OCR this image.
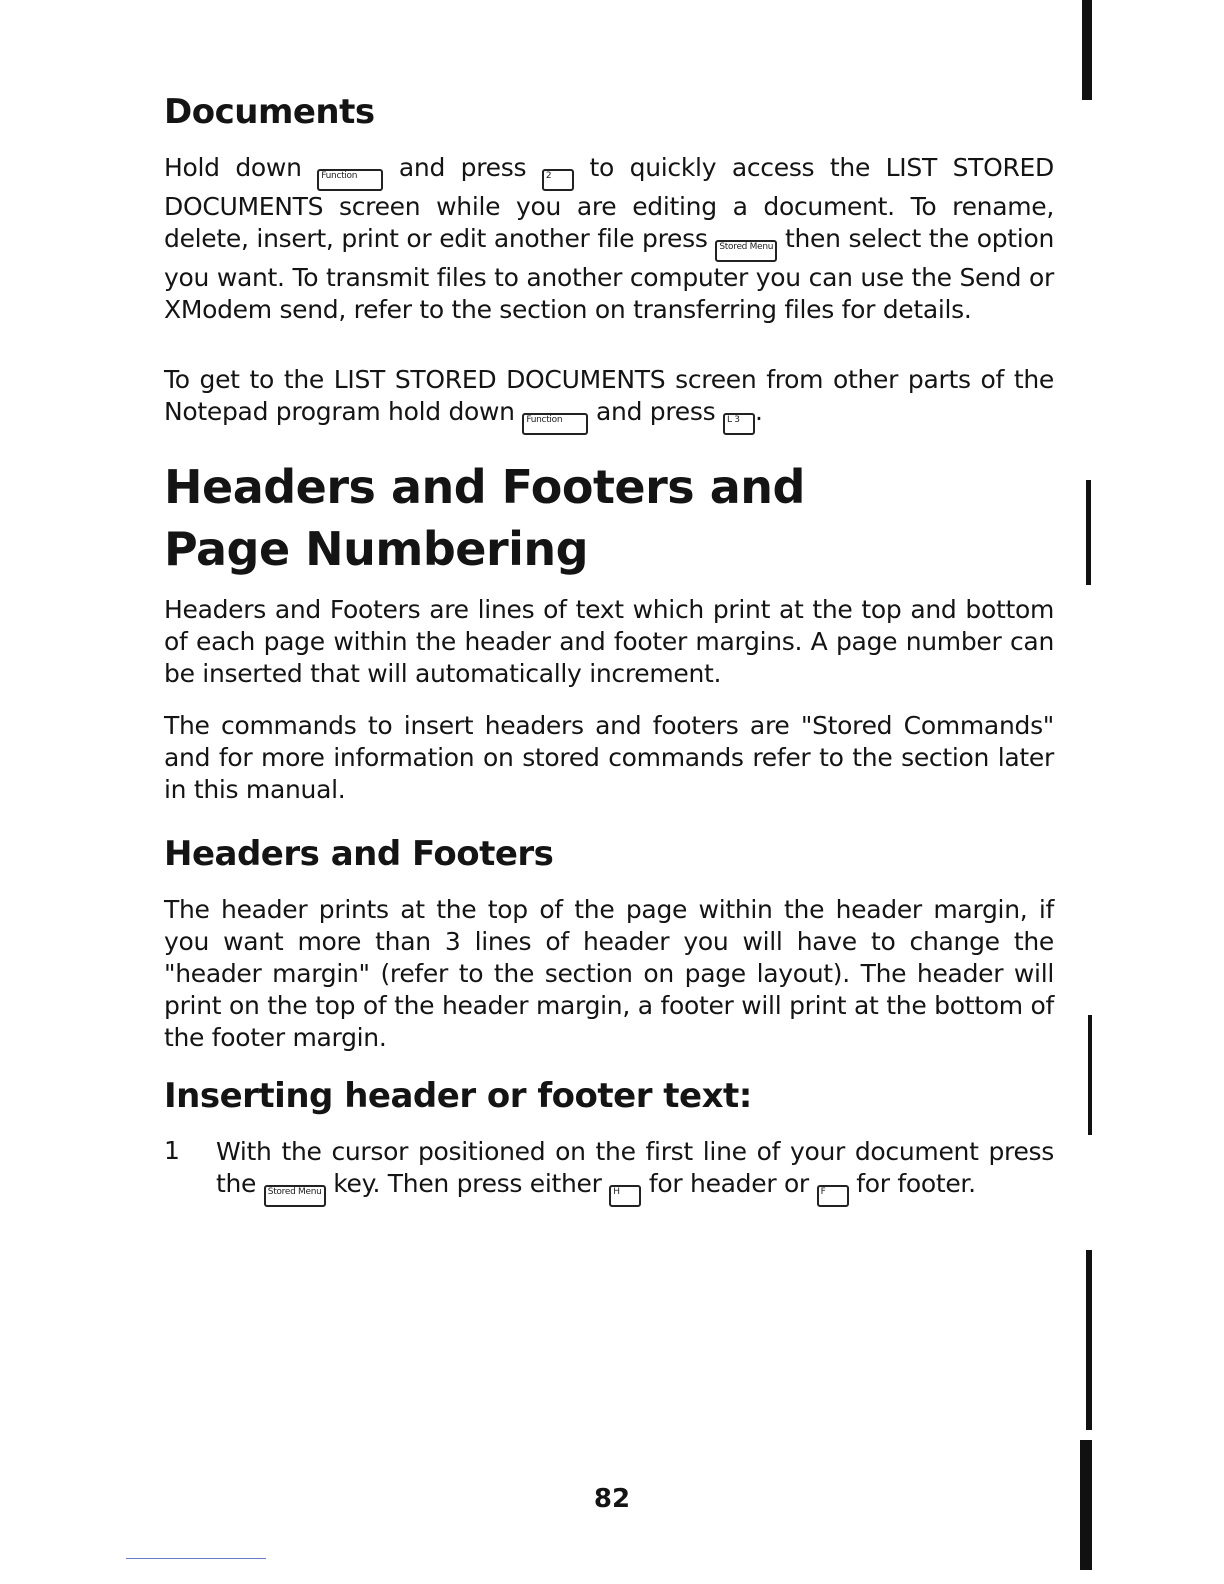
Documents

Hold down Function and press 2 to quickly access the LIST STORED DOCUMENTS screen while you are editing a document. To rename, delete, insert, print or edit another file press Stored Menu then select the option you want. To transmit files to another computer you can use the Send or XModem send, refer to the section on transferring files for details.

To get to the LIST STORED DOCUMENTS screen from other parts of the Notepad program hold down Function and press L 3 .

Headers and Footers and Page Numbering

Headers and Footers are lines of text which print at the top and bottom of each page within the header and footer margins. A page number can be inserted that will automatically increment.

The commands to insert headers and footers are "Stored Commands" and for more information on stored commands refer to the section later in this manual.

Headers and Footers

The header prints at the top of the page within the header margin, if you want more than 3 lines of header you will have to change the "header margin" (refer to the section on page layout). The header will print on the top of the header margin, a footer will print at the bottom of the footer margin.

Inserting header or footer text:
1 With the cursor positioned on the first line of your document press the Stored Menu key. Then press either H for header or F for footer.

82
